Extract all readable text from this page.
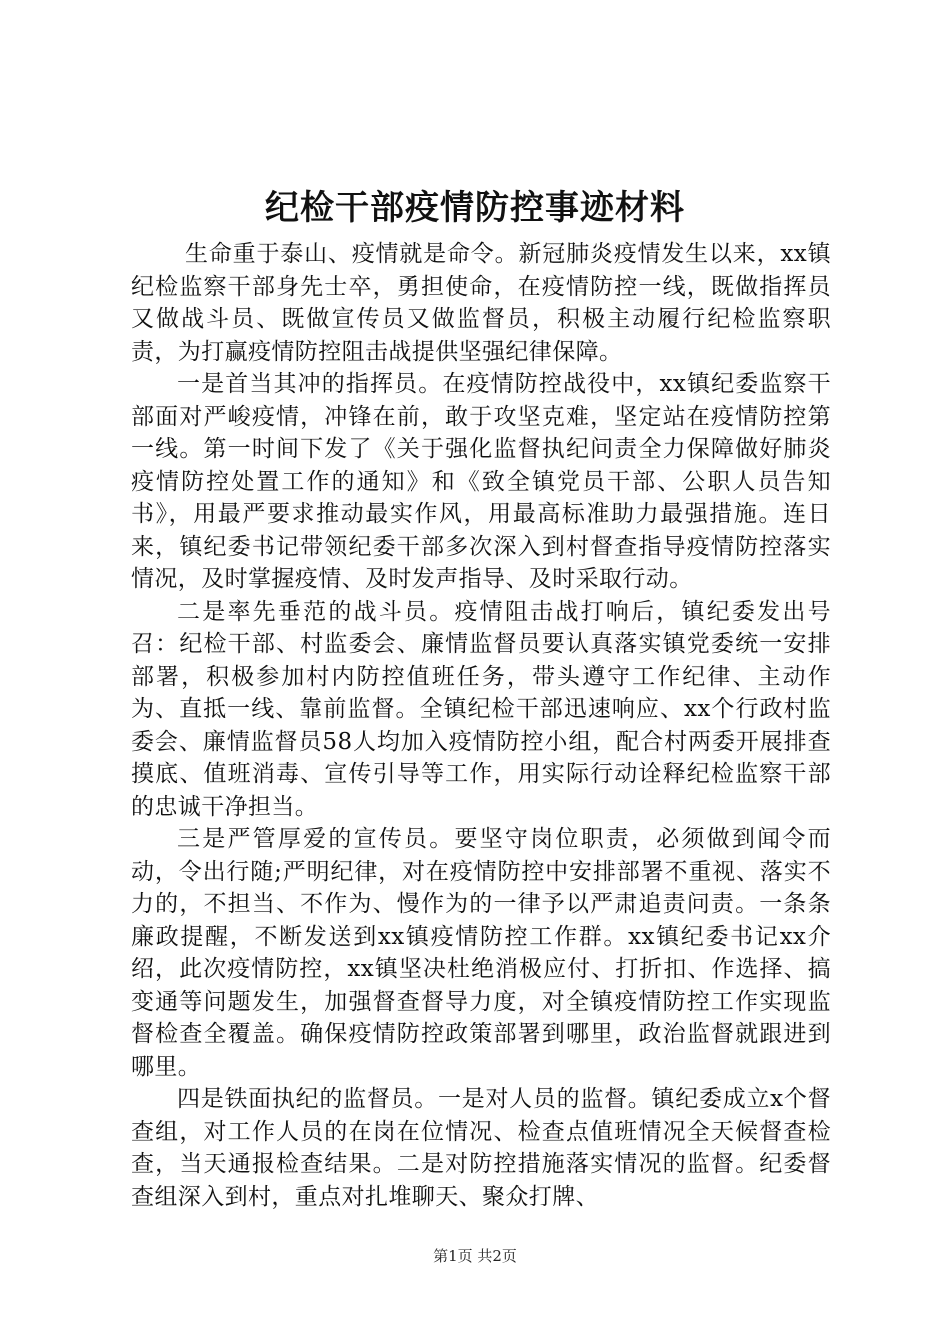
纪检干部疫情防控事迹材料

生命重于泰山、疫情就是命令。新冠肺炎疫情发生以来，xx镇纪检监察干部身先士卒，勇担使命，在疫情防控一线，既做指挥员又做战斗员、既做宣传员又做监督员，积极主动履行纪检监察职责，为打赢疫情防控阻击战提供坚强纪律保障。

一是首当其冲的指挥员。在疫情防控战役中，xx镇纪委监察干部面对严峻疫情，冲锋在前，敢于攻坚克难，坚定站在疫情防控第一线。第一时间下发了《关于强化监督执纪问责全力保障做好肺炎疫情防控处置工作的通知》和《致全镇党员干部、公职人员告知书》，用最严要求推动最实作风，用最高标准助力最强措施。连日来，镇纪委书记带领纪委干部多次深入到村督查指导疫情防控落实情况，及时掌握疫情、及时发声指导、及时采取行动。

二是率先垂范的战斗员。疫情阻击战打响后，镇纪委发出号召：纪检干部、村监委会、廉情监督员要认真落实镇党委统一安排部署，积极参加村内防控值班任务，带头遵守工作纪律、主动作为、直抵一线、靠前监督。全镇纪检干部迅速响应、xx个行政村监委会、廉情监督员58人均加入疫情防控小组，配合村两委开展排查摸底、值班消毒、宣传引导等工作，用实际行动诠释纪检监察干部的忠诚干净担当。

三是严管厚爱的宣传员。要坚守岗位职责，必须做到闻令而动，令出行随;严明纪律，对在疫情防控中安排部署不重视、落实不力的，不担当、不作为、慢作为的一律予以严肃追责问责。一条条廉政提醒，不断发送到xx镇疫情防控工作群。xx镇纪委书记xx介绍，此次疫情防控，xx镇坚决杜绝消极应付、打折扣、作选择、搞变通等问题发生，加强督查督导力度，对全镇疫情防控工作实现监督检查全覆盖。确保疫情防控政策部署到哪里，政治监督就跟进到哪里。

四是铁面执纪的监督员。一是对人员的监督。镇纪委成立x个督查组，对工作人员的在岗在位情况、检查点值班情况全天候督查检查，当天通报检查结果。二是对防控措施落实情况的监督。纪委督查组深入到村，重点对扎堆聊天、聚众打牌、

第1页 共2页
